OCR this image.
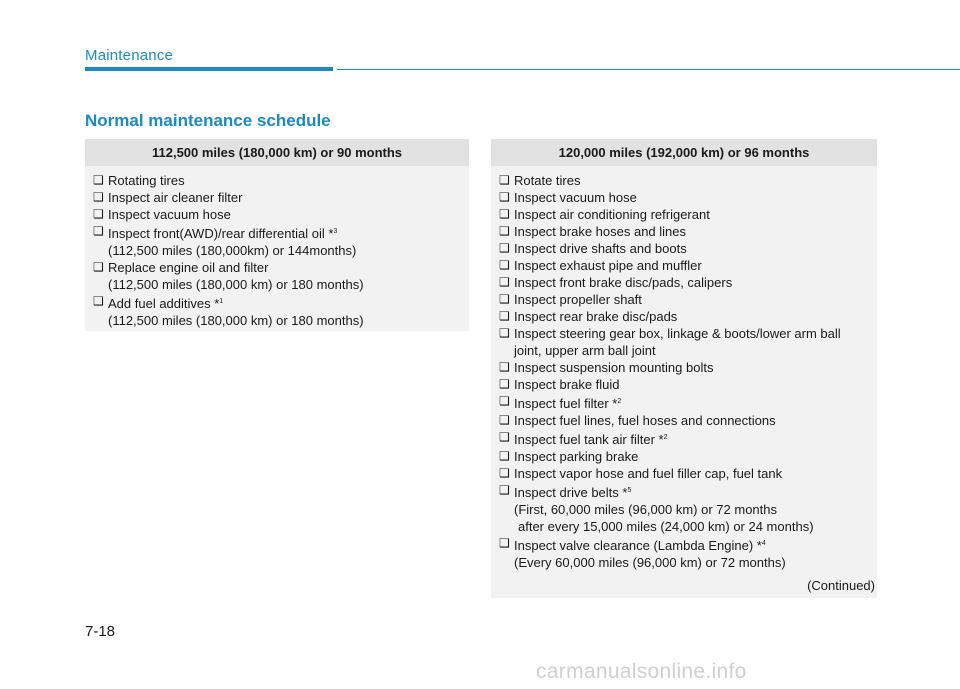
Maintenance
Normal maintenance schedule
112,500 miles (180,000 km) or 90 months
❑ Rotating tires
❑ Inspect air cleaner filter
❑ Inspect vacuum hose
❑ Inspect front(AWD)/rear differential oil *$^3$
(112,500 miles (180,000km) or 144months)
❑ Replace engine oil and filter
(112,500 miles (180,000 km) or 180 months)
❑ Add fuel additives *$^1$
(112,500 miles (180,000 km) or 180 months)
120,000 miles (192,000 km) or 96 months
❑ Rotate tires
❑ Inspect vacuum hose
❑ Inspect air conditioning refrigerant
❑ Inspect brake hoses and lines
❑ Inspect drive shafts and boots
❑ Inspect exhaust pipe and muffler
❑ Inspect front brake disc/pads, calipers
❑ Inspect propeller shaft
❑ Inspect rear brake disc/pads
❑ Inspect steering gear box, linkage & boots/lower arm ball
joint, upper arm ball joint
❑ Inspect suspension mounting bolts
❑ Inspect brake fluid
❑ Inspect fuel filter *$^2$
❑ Inspect fuel lines, fuel hoses and connections
❑ Inspect fuel tank air filter *$^2$
❑ Inspect parking brake
❑ Inspect vapor hose and fuel filler cap, fuel tank
❑ Inspect drive belts *$^5$
(First, 60,000 miles (96,000 km) or 72 months
after every 15,000 miles (24,000 km) or 24 months)
❑ Inspect valve clearance (Lambda Engine) *$^4$
(Every 60,000 miles (96,000 km) or 72 months)
(Continued)
7-18
carmanualsonline.info
